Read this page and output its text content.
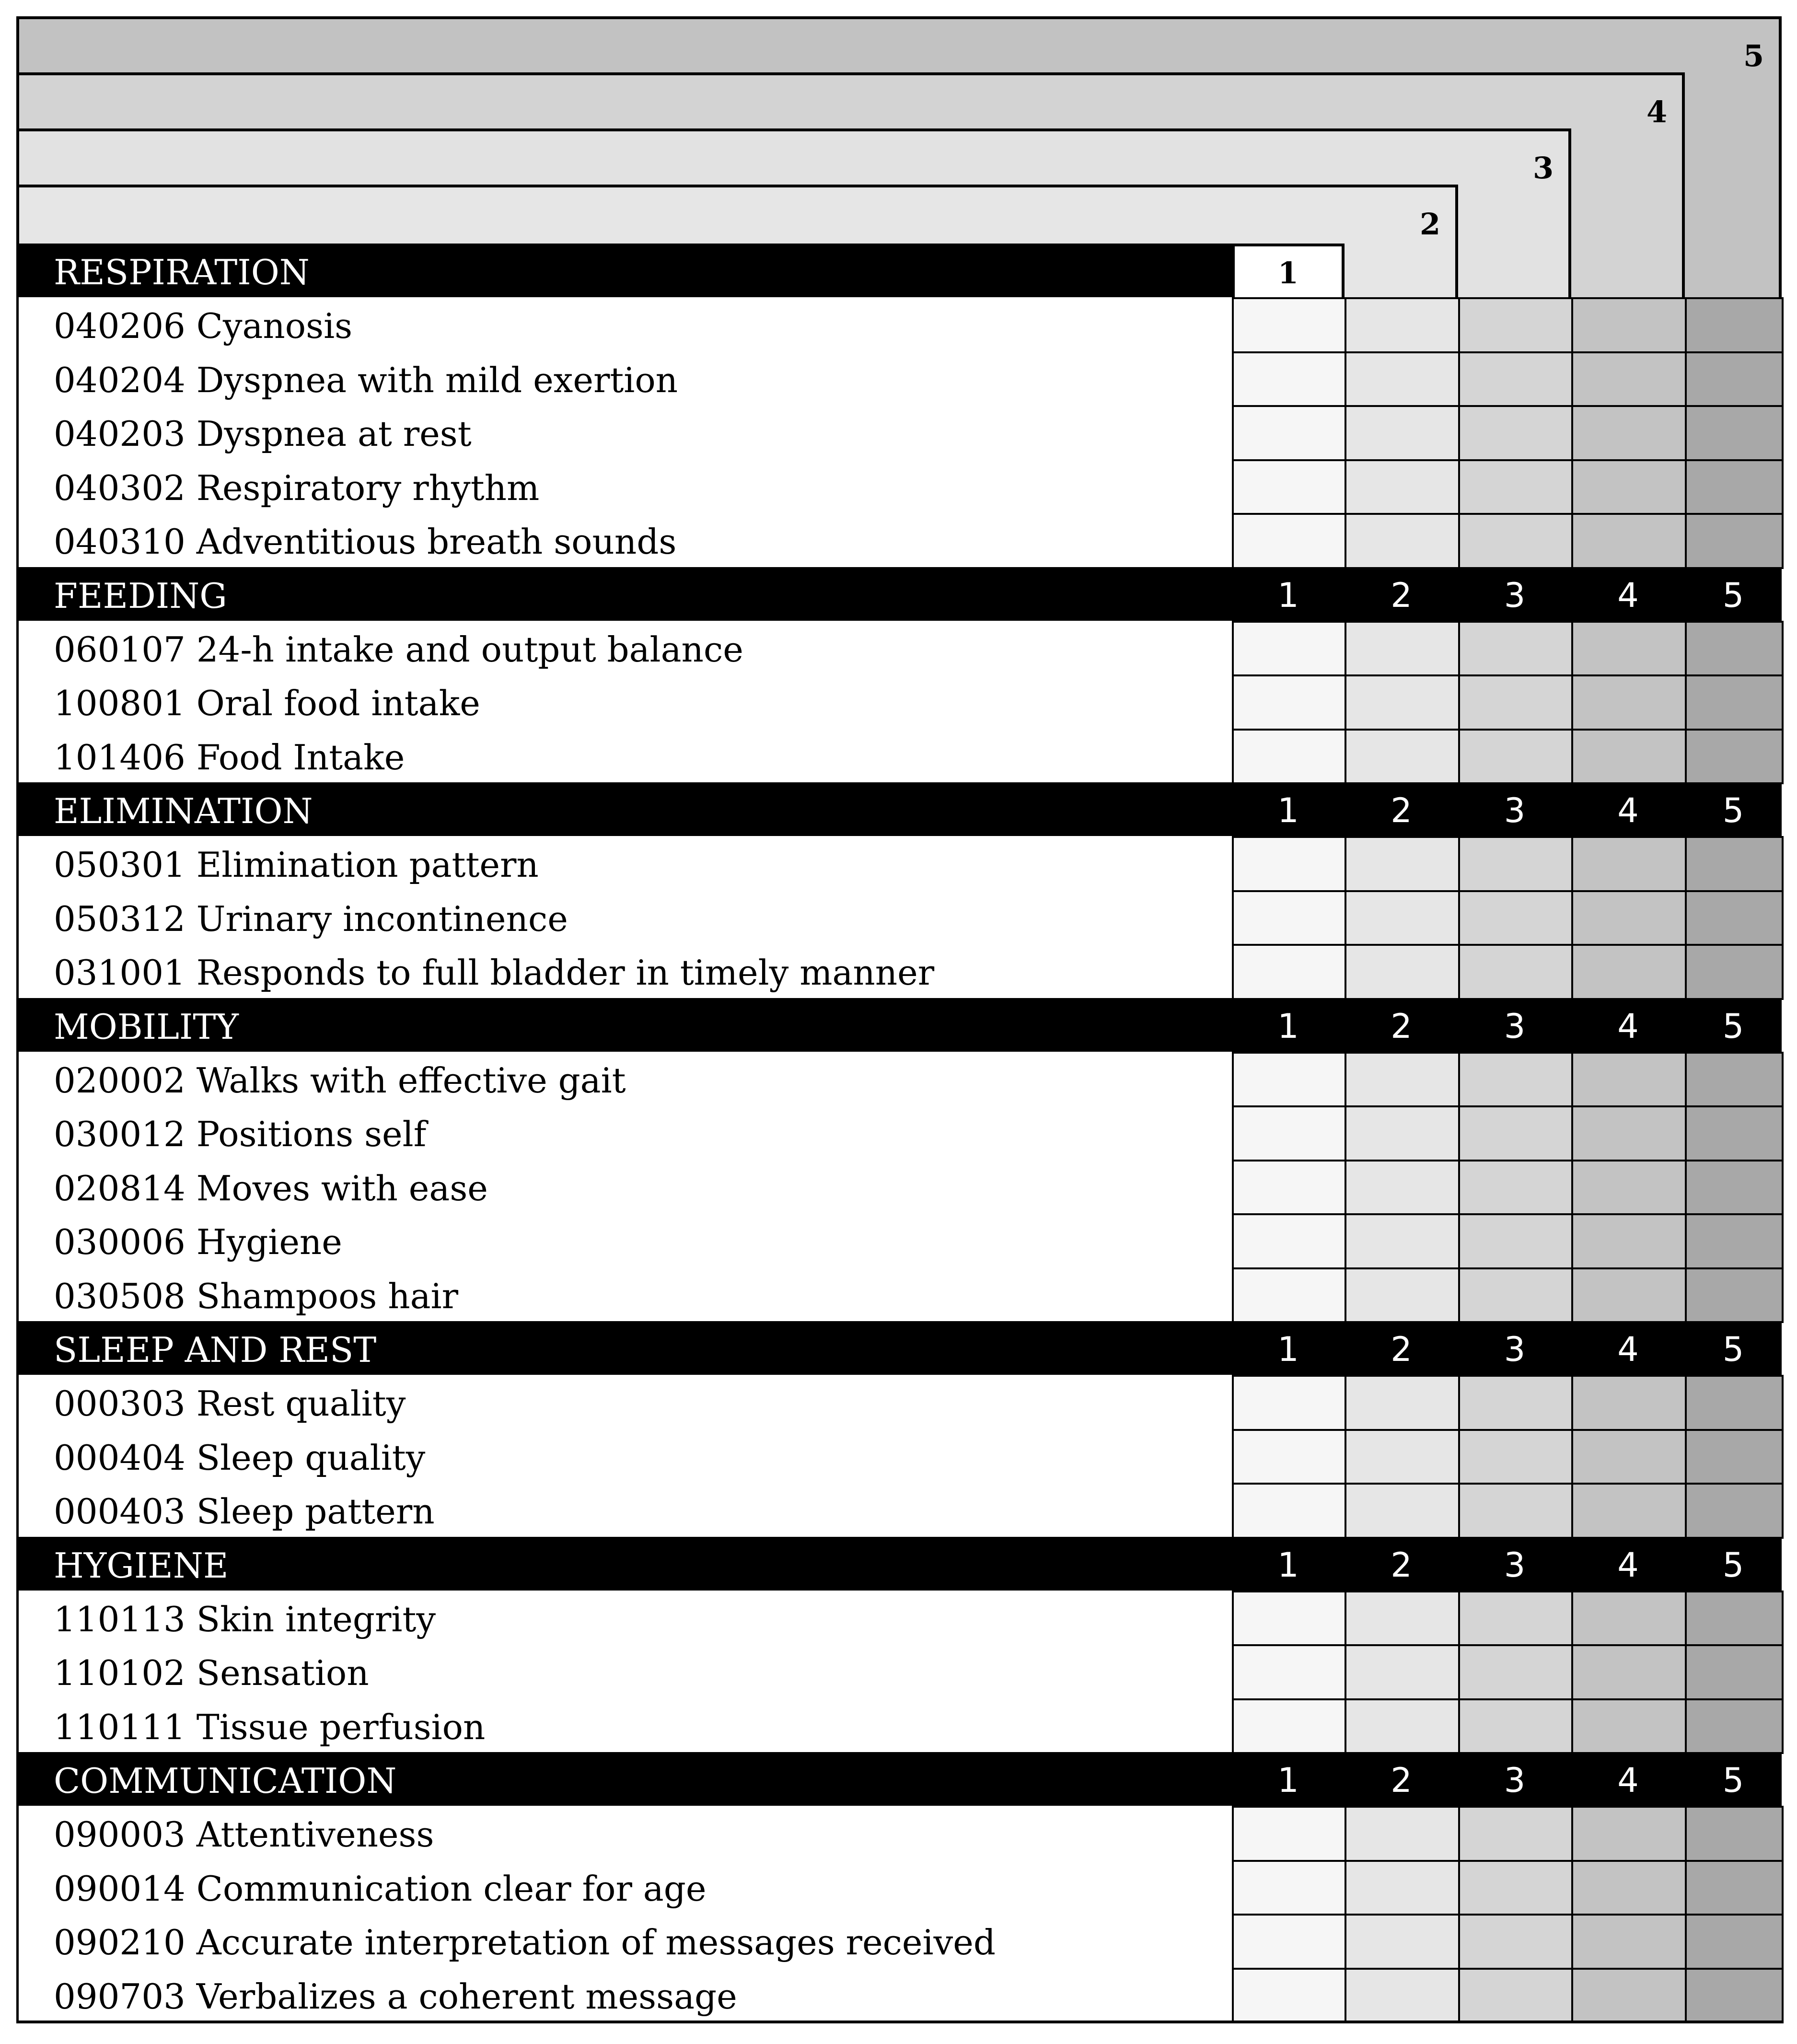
5
4
3
2
RESPIRATION	1
040206 Cyanosis
040204 Dyspnea with mild exertion
040203 Dyspnea at rest
040302 Respiratory rhythm
040310 Adventitious breath sounds
FEEDING	1	2	3	4	5
060107 24-h intake and output balance
100801 Oral food intake
101406 Food Intake
ELIMINATION	1	2	3	4	5
050301 Elimination pattern
050312 Urinary incontinence
031001 Responds to full bladder in timely manner
MOBILITY	1	2	3	4	5
020002 Walks with effective gait
030012 Positions self
020814 Moves with ease
030006 Hygiene
030508 Shampoos hair
SLEEP AND REST	1	2	3	4	5
000303 Rest quality
000404 Sleep quality
000403 Sleep pattern
HYGIENE	1	2	3	4	5
110113 Skin integrity
110102 Sensation
110111 Tissue perfusion
COMMUNICATION	1	2	3	4	5
090003 Attentiveness
090014 Communication clear for age
090210 Accurate interpretation of messages received
090703 Verbalizes a coherent message
